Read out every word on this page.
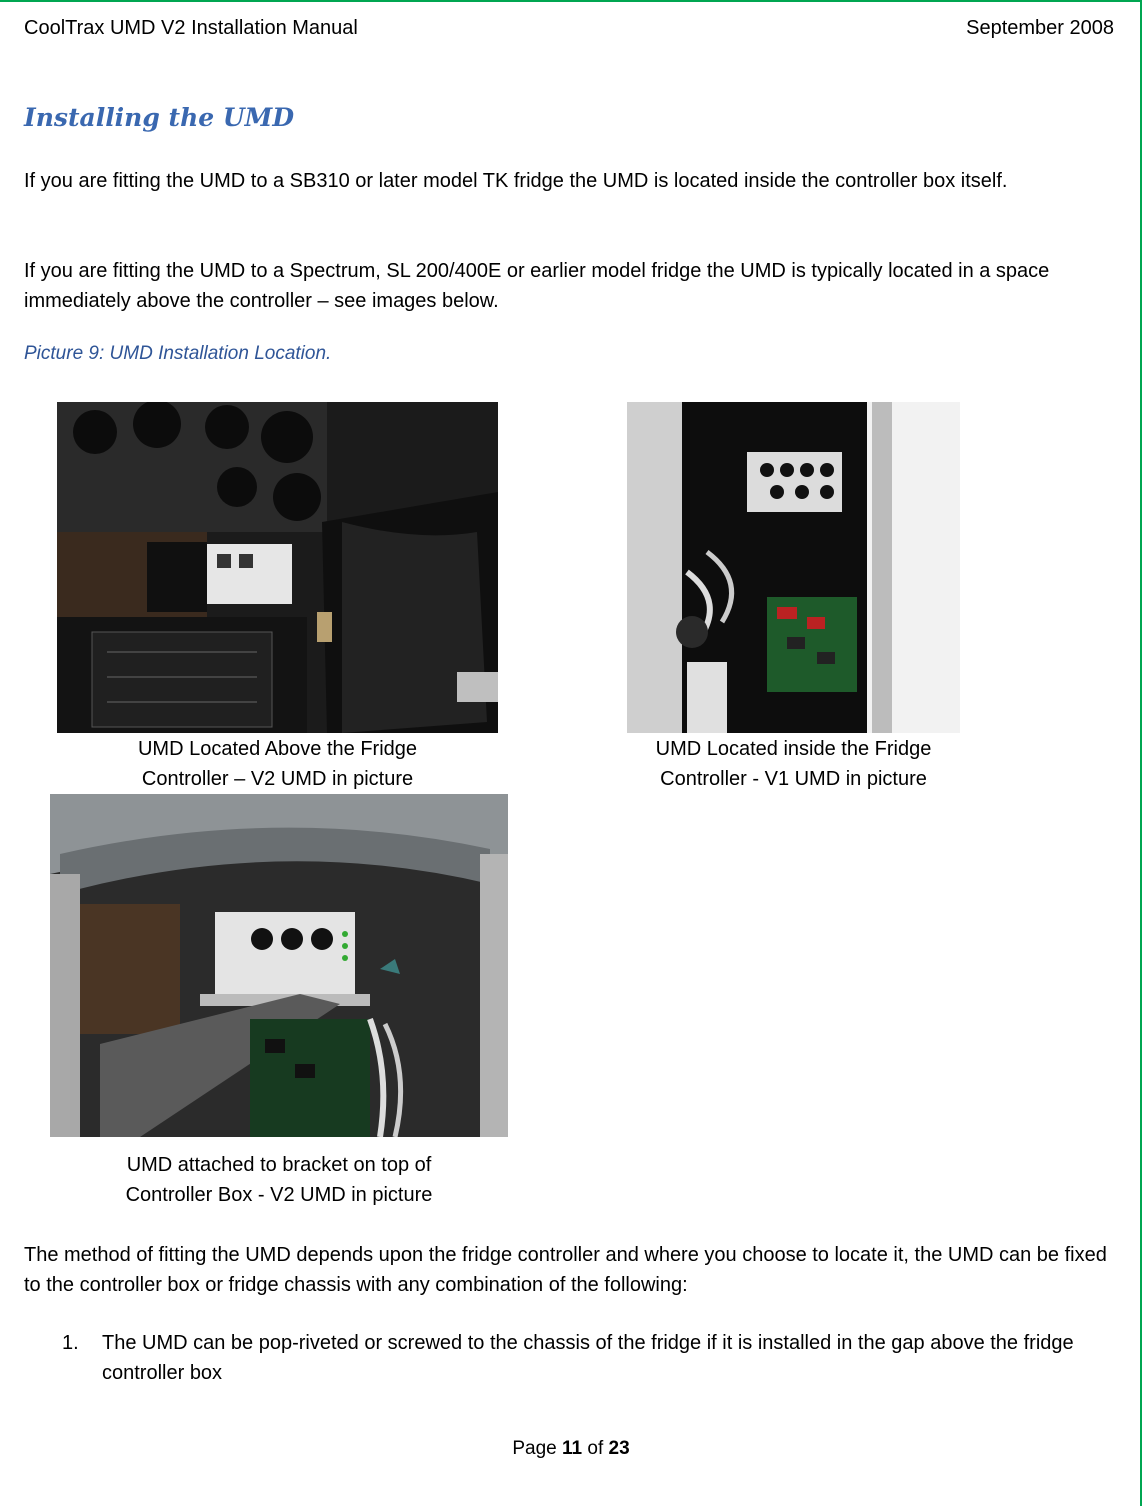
CoolTrax UMD V2 Installation Manual	September 2008
Installing the UMD
If you are fitting the UMD to a SB310 or later model TK fridge the UMD is located inside the controller box itself.
If you are fitting the UMD to a Spectrum, SL 200/400E or earlier model fridge the UMD is typically located in a space immediately above the controller – see images below.
Picture 9: UMD Installation Location.
UMD Located Above the Fridge
Controller – V2 UMD in picture
UMD Located inside the Fridge
Controller - V1 UMD in picture
UMD attached to bracket on top of
Controller Box - V2 UMD in picture
The method of fitting the UMD depends upon the fridge controller and where you choose to locate it, the UMD can be fixed to the controller box or fridge chassis with any combination of the following:
1. The UMD can be pop-riveted or screwed to the chassis of the fridge if it is installed in the gap above the fridge controller box
Page 11 of 23
